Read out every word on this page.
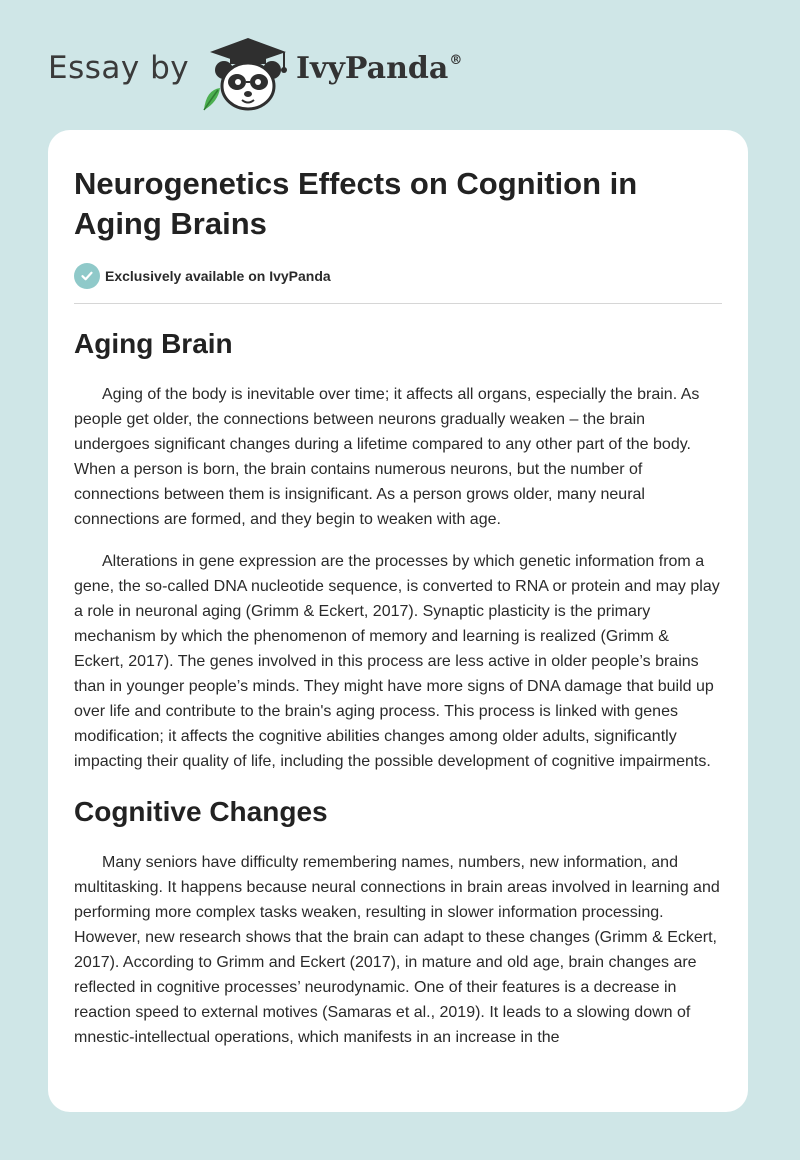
Essay by	IvyPanda®
Neurogenetics Effects on Cognition in Aging Brains
Exclusively available on IvyPanda
Aging Brain

Aging of the body is inevitable over time; it affects all organs, especially the brain. As people get older, the connections between neurons gradually weaken – the brain undergoes significant changes during a lifetime compared to any other part of the body. When a person is born, the brain contains numerous neurons, but the number of connections between them is insignificant. As a person grows older, many neural connections are formed, and they begin to weaken with age.

Alterations in gene expression are the processes by which genetic information from a gene, the so-called DNA nucleotide sequence, is converted to RNA or protein and may play a role in neuronal aging (Grimm & Eckert, 2017). Synaptic plasticity is the primary mechanism by which the phenomenon of memory and learning is realized (Grimm & Eckert, 2017). The genes involved in this process are less active in older people’s brains than in younger people’s minds. They might have more signs of DNA damage that build up over life and contribute to the brain's aging process. This process is linked with genes modification; it affects the cognitive abilities changes among older adults, significantly impacting their quality of life, including the possible development of cognitive impairments.

Cognitive Changes

Many seniors have difficulty remembering names, numbers, new information, and multitasking. It happens because neural connections in brain areas involved in learning and performing more complex tasks weaken, resulting in slower information processing. However, new research shows that the brain can adapt to these changes (Grimm & Eckert, 2017). According to Grimm and Eckert (2017), in mature and old age, brain changes are reflected in cognitive processes’ neurodynamic. One of their features is a decrease in reaction speed to external motives (Samaras et al., 2019). It leads to a slowing down of mnestic-intellectual operations, which manifests in an increase in the
